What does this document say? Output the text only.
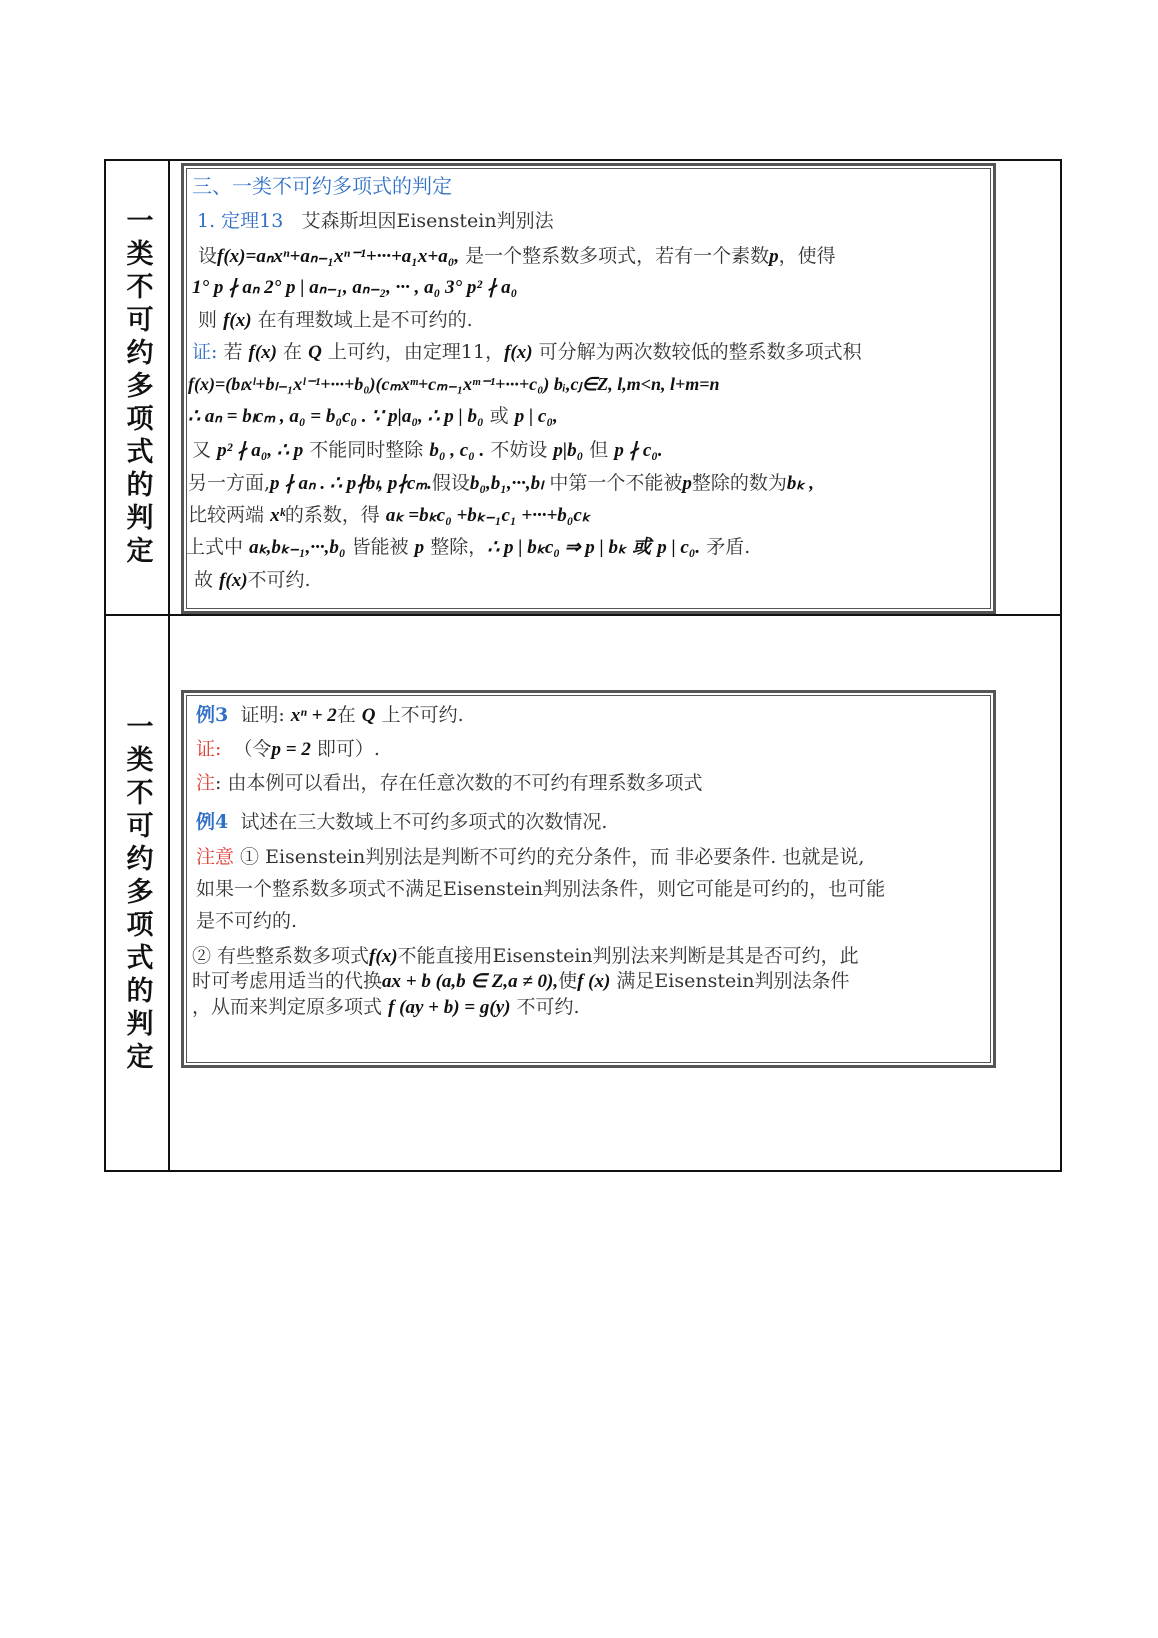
一类不可约多项式的判定
三、一类不可约多项式的判定
1. 定理13 艾森斯坦因Eisenstein判别法
设f(x)=aₙxⁿ+aₙ₋₁xⁿ⁻¹+···+a₁x+a₀, 是一个整系数多项式，若有一个素数p，使得
1° p ∤ aₙ 2° p | aₙ₋₁, aₙ₋₂, ··· , a₀ 3° p² ∤ a₀
则 f(x) 在有理数域上是不可约的.
证: 若 f(x) 在 Q 上可约，由定理11，f(x) 可分解为两次数较低的整系数多项式积
f(x)=(bₗxˡ+bₗ₋₁xˡ⁻¹+···+b₀)(cₘxᵐ+cₘ₋₁xᵐ⁻¹+···+c₀) bᵢ,cⱼ∈Z, l,m<n, l+m=n
∴ aₙ = bₗcₘ , a₀ = b₀c₀ . ∵ p|a₀, ∴ p | b₀ 或 p | c₀,
又 p² ∤ a₀, ∴ p 不能同时整除 b₀ , c₀ . 不妨设 p|b₀ 但 p ∤ c₀.
另一方面,p ∤ aₙ . ∴ p∤bₗ, p∤cₘ.假设b₀,b₁,···,bₗ 中第一个不能被p整除的数为bₖ ,
比较两端 xᵏ的系数，得 aₖ =bₖc₀ +bₖ₋₁c₁ +···+b₀cₖ
上式中 aₖ,bₖ₋₁,···,b₀ 皆能被 p 整除，∴ p | bₖc₀ ⇒ p | bₖ 或 p | c₀. 矛盾.
故 f(x)不可约.
一类不可约多项式的判定 例3 证明: xⁿ + 2在 Q 上不可约.
证: （令p = 2 即可）.
注: 由本例可以看出，存在任意次数的不可约有理系数多项式
例4 试述在三大数域上不可约多项式的次数情况.
注意 ① Eisenstein判别法是判断不可约的充分条件，而 非必要条件. 也就是说,
如果一个整系数多项式不满足Eisenstein判别法条件，则它可能是可约的，也可能
是不可约的.
② 有些整系数多项式f(x)不能直接用Eisenstein判别法来判断是其是否可约，此
时可考虑用适当的代换ax + b (a,b ∈ Z,a ≠ 0),使f (x) 满足Eisenstein判别法条件
，从而来判定原多项式 f (ay + b) = g(y) 不可约.
